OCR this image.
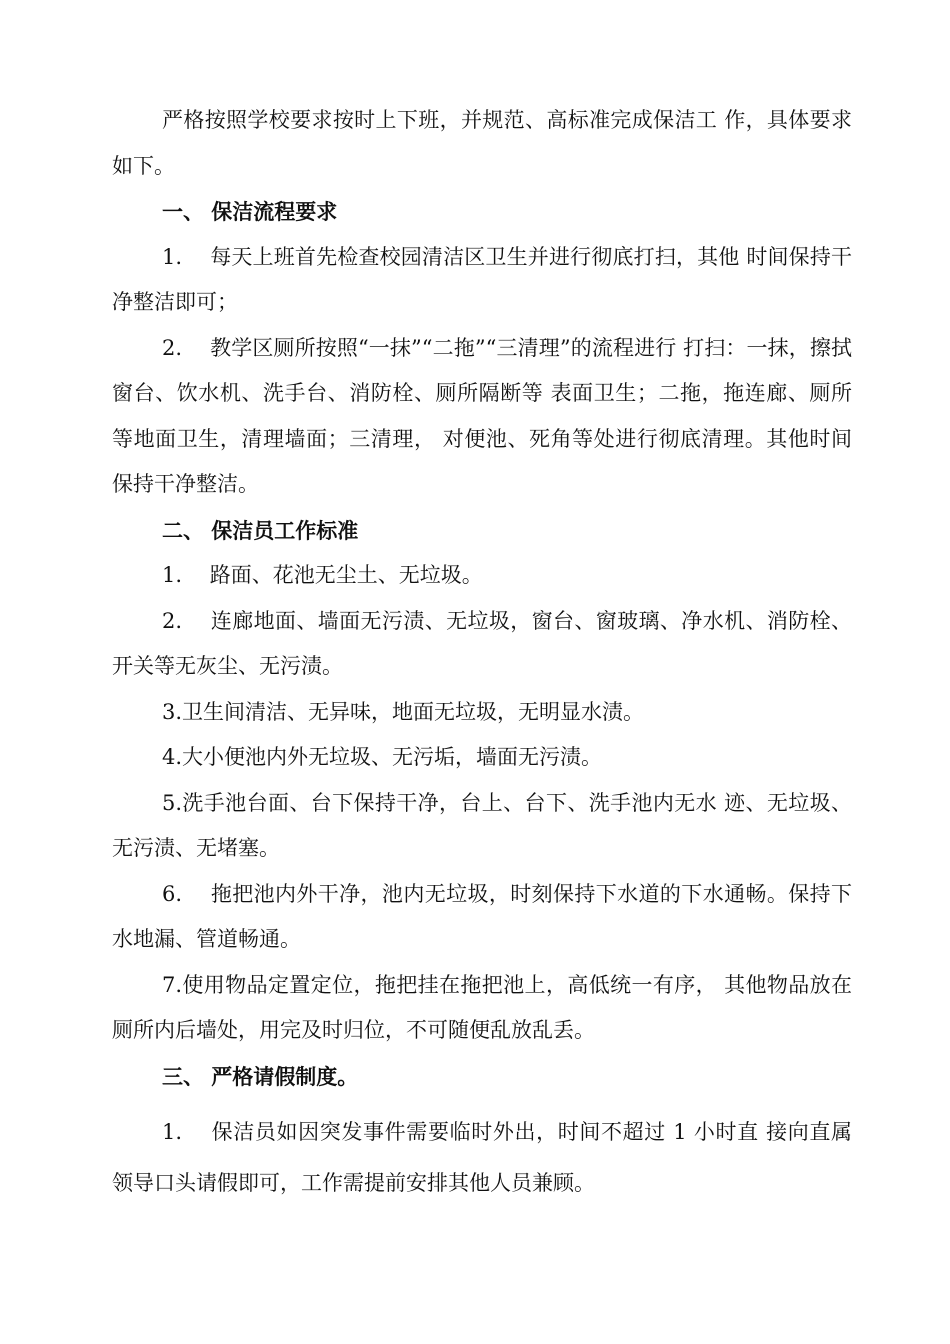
严格按照学校要求按时上下班，并规范、高标准完成保洁工 作，具体要求如下。

一、 保洁流程要求

1.　 每天上班首先检查校园清洁区卫生并进行彻底打扫，其他 时间保持干净整洁即可；

2.　 教学区厕所按照“一抹”“二拖”“三清理”的流程进行 打扫：一抹，擦拭窗台、饮水机、洗手台、消防栓、厕所隔断等 表面卫生；二拖，拖连廊、厕所等地面卫生，清理墙面；三清理， 对便池、死角等处进行彻底清理。其他时间保持干净整洁。

二、 保洁员工作标准

1.　 路面、花池无尘土、无垃圾。

2.　 连廊地面、墙面无污渍、无垃圾，窗台、窗玻璃、净水机、消防栓、开关等无灰尘、无污渍。

3.卫生间清洁、无异味，地面无垃圾，无明显水渍。

4.大小便池内外无垃圾、无污垢，墙面无污渍。

5.洗手池台面、台下保持干净，台上、台下、洗手池内无水 迹、无垃圾、无污渍、无堵塞。

6.　 拖把池内外干净，池内无垃圾，时刻保持下水道的下水通畅。保持下水地漏、管道畅通。

7.使用物品定置定位，拖把挂在拖把池上，高低统一有序， 其他物品放在厕所内后墙处，用完及时归位，不可随便乱放乱丢。

三、 严格请假制度。

1.　 保洁员如因突发事件需要临时外出，时间不超过 1 小时直 接向直属领导口头请假即可，工作需提前安排其他人员兼顾。
